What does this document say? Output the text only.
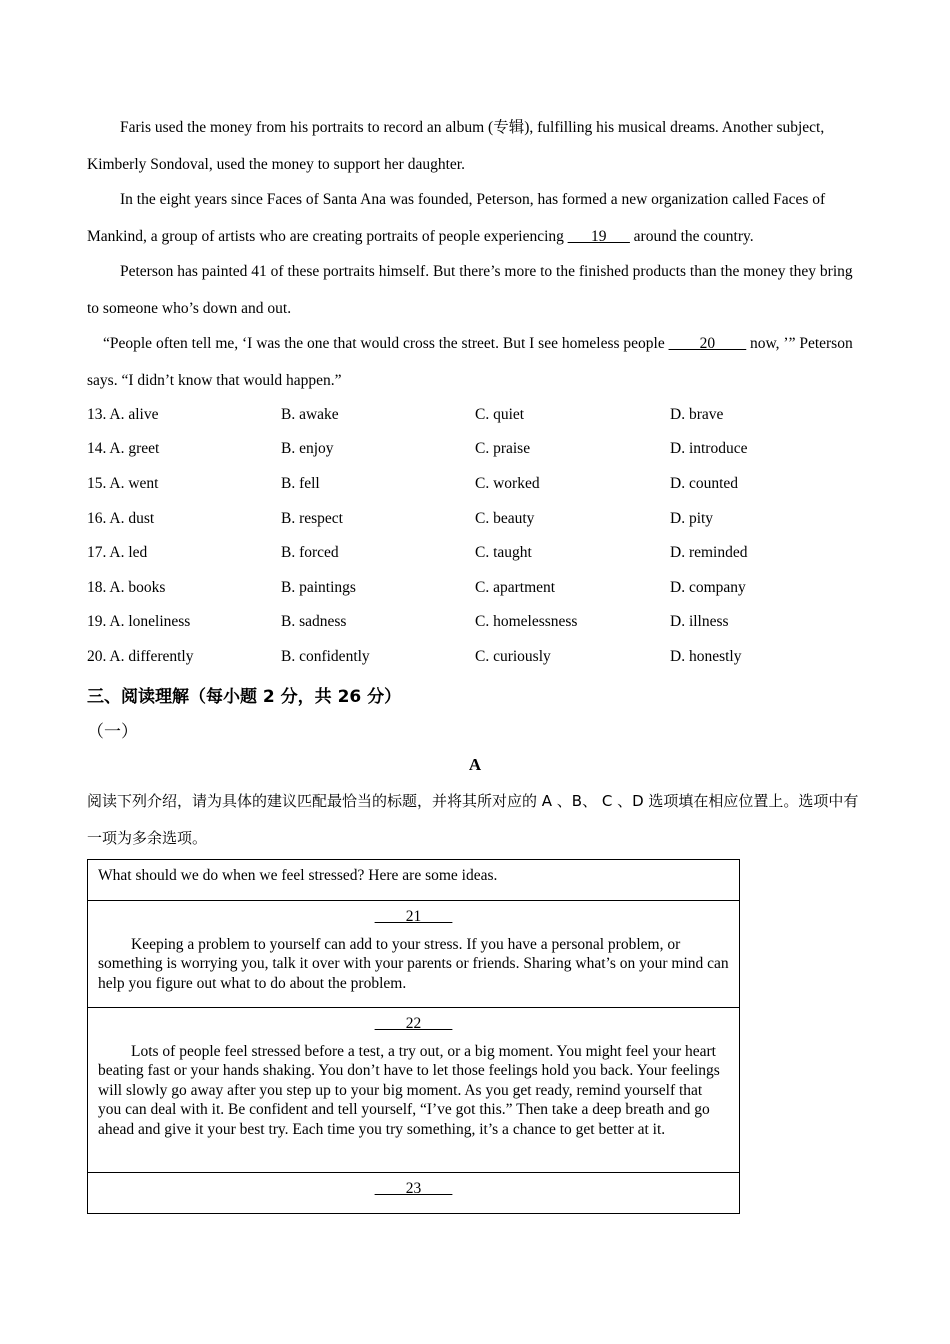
Faris used the money from his portraits to record an album (专辑), fulfilling his musical dreams. Another subject, Kimberly Sondoval, used the money to support her daughter.
In the eight years since Faces of Santa Ana was founded, Peterson, has formed a new organization called Faces of Mankind, a group of artists who are creating portraits of people experiencing ___19___ around the country.
Peterson has painted 41 of these portraits himself. But there’s more to the finished products than the money they bring to someone who’s down and out.
“People often tell me, ‘I was the one that would cross the street. But I see homeless people ____20____ now, ’” Peterson says. “I didn’t know that would happen.”
13. A. alive	B. awake	C. quiet	D. brave
14. A. greet	B. enjoy	C. praise	D. introduce
15. A. went	B. fell	C. worked	D. counted
16. A. dust	B. respect	C. beauty	D. pity
17. A. led	B. forced	C. taught	D. reminded
18. A. books	B. paintings	C. apartment	D. company
19. A. loneliness	B. sadness	C. homelessness	D. illness
20. A. differently	B. confidently	C. curiously	D. honestly
三、阅读理解（每小题 2 分，共 26 分）
（一）
A
阅读下列介绍，请为具体的建议匹配最恰当的标题，并将其所对应的 A 、B、 C 、D 选项填在相应位置上。选项中有一项为多余选项。
What should we do when we feel stressed? Here are some ideas.

____21____
Keeping a problem to yourself can add to your stress. If you have a personal problem, or something is worrying you, talk it over with your parents or friends. Sharing what’s on your mind can help you figure out what to do about the problem.

____22____
Lots of people feel stressed before a test, a try out, or a big moment. You might feel your heart beating fast or your hands shaking. You don’t have to let those feelings hold you back. Your feelings will slowly go away after you step up to your big moment. As you get ready, remind yourself that you can deal with it. Be confident and tell yourself, “I’ve got this.” Then take a deep breath and go ahead and give it your best try. Each time you try something, it’s a chance to get better at it.

____23____
